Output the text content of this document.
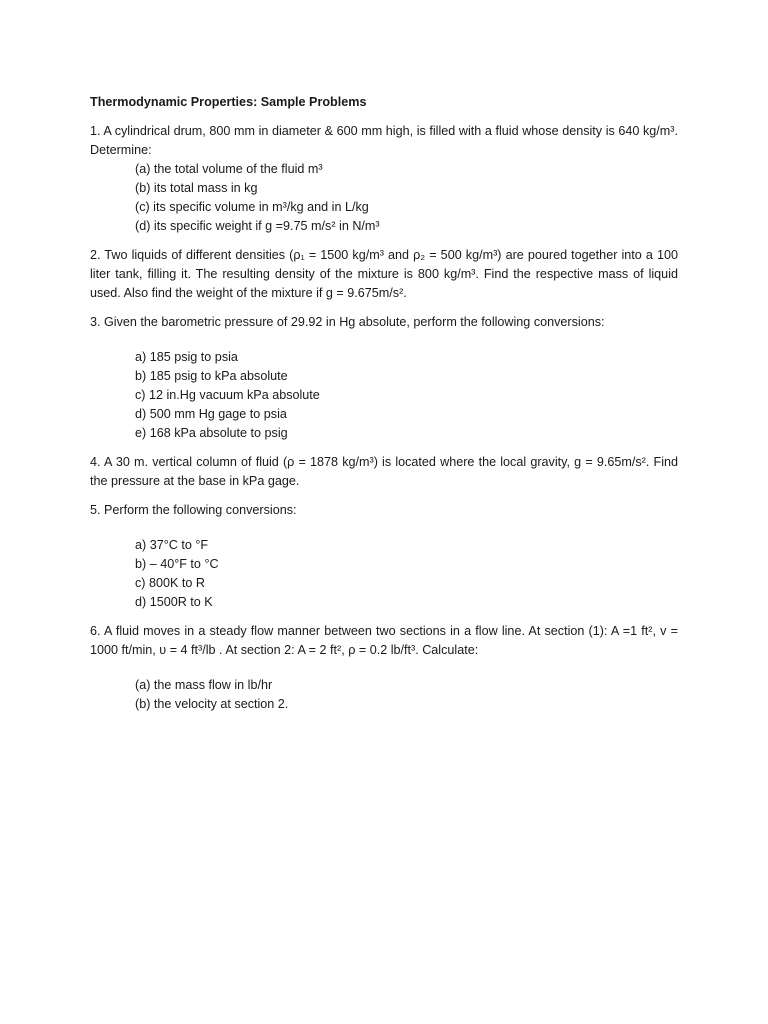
Thermodynamic Properties: Sample Problems
1. A cylindrical drum, 800 mm in diameter & 600 mm high, is filled with a fluid whose density is 640 kg/m³. Determine:
(a) the total volume of the fluid m³
(b) its total mass in kg
(c) its specific volume in m³/kg and in L/kg
(d) its specific weight if g =9.75 m/s² in N/m³
2. Two liquids of different densities (ρ₁ = 1500 kg/m³ and ρ₂ = 500 kg/m³) are poured together into a 100 liter tank, filling it. The resulting density of the mixture is 800 kg/m³. Find the respective mass of liquid used. Also find the weight of the mixture if g = 9.675m/s².
3. Given the barometric pressure of 29.92 in Hg absolute, perform the following conversions:
a) 185 psig to psia
b) 185 psig to kPa absolute
c) 12 in.Hg vacuum kPa absolute
d) 500 mm Hg gage to psia
e) 168 kPa absolute to psig
4. A 30 m. vertical column of fluid (ρ = 1878 kg/m³) is located where the local gravity, g = 9.65m/s². Find the pressure at the base in kPa gage.
5. Perform the following conversions:
a) 37°C to °F
b) – 40°F to °C
c) 800K to R
d) 1500R to K
6. A fluid moves in a steady flow manner between two sections in a flow line. At section (1): A =1 ft², v = 1000 ft/min, υ = 4 ft³/lb . At section 2: A = 2 ft², ρ = 0.2 lb/ft³. Calculate:
(a) the mass flow in lb/hr
(b) the velocity at section 2.
